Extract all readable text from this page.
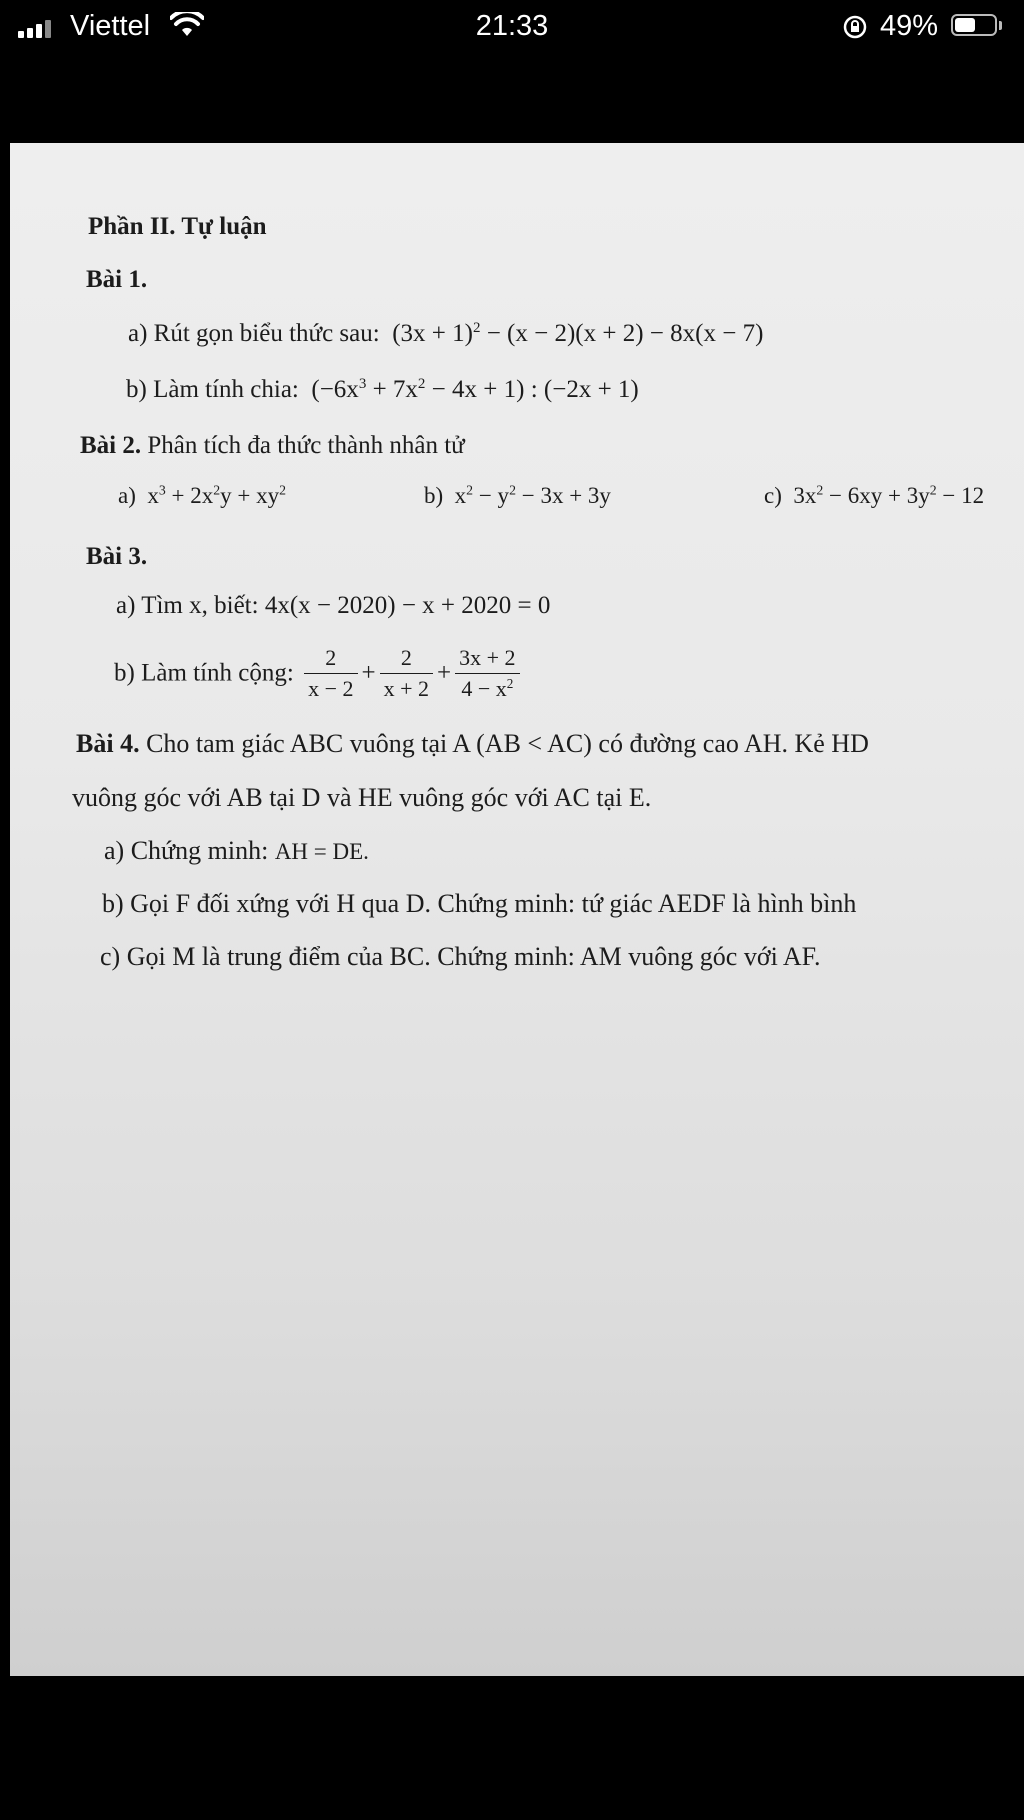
Viettel	21:33	49%
Phần II. Tự luận
Bài 1.
a) Rút gọn biểu thức sau:  $(3x + 1)^2 - (x - 2)(x + 2) - 8x(x - 7)$
b) Làm tính chia:  $(-6x^3 + 7x^2 - 4x + 1)$ : (−2x + 1)
Bài 2. Phân tích đa thức thành nhân tử
a)  $x^3 + 2x^2y + xy^2$	b)  $x^2 - y^2 - 3x + 3y$	c)  $3x^2 - 6xy + 3y^2 - 12$
Bài 3.
a) Tìm x, biết: 4x(x − 2020) − x + 2020 = 0
b) Làm tính cộng: $\frac{2}{x - 2} + \frac{2}{x + 2} + \frac{3x + 2}{4 - x^2}$
Bài 4. Cho tam giác ABC vuông tại A (AB < AC) có đường cao AH. Kẻ HD
vuông góc với AB tại D và HE vuông góc với AC tại E.
a) Chứng minh: AH = DE.
b) Gọi F đối xứng với H qua D. Chứng minh: tứ giác AEDF là hình bình
c) Gọi M là trung điểm của BC. Chứng minh: AM vuông góc với AF.
